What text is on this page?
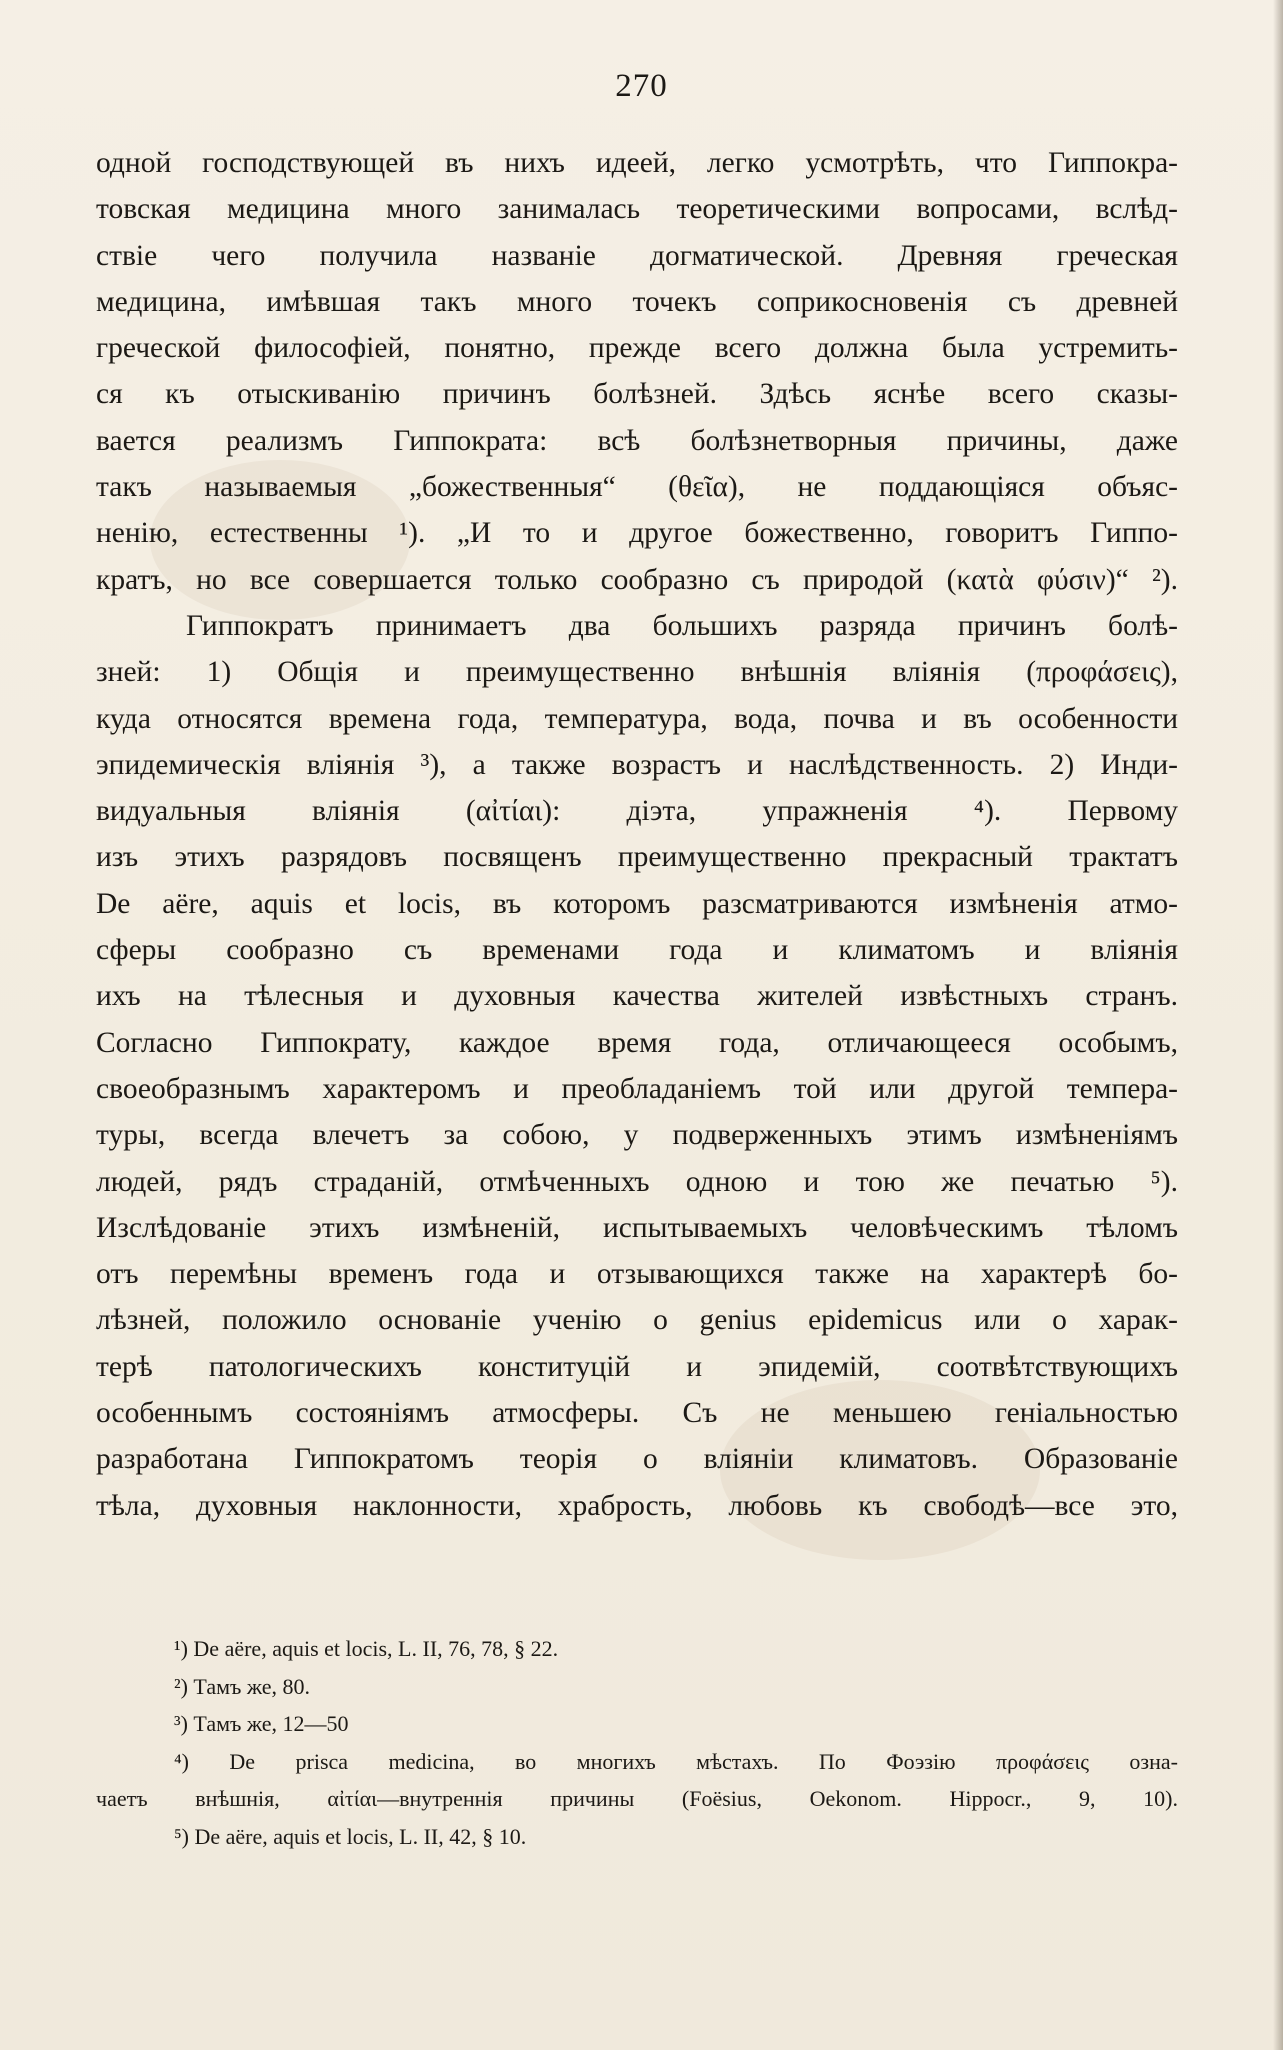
270
одной господствующей въ нихъ идеей, легко усмотрѣть, что Гиппокра-
товская медицина много занималась теоретическими вопросами, вслѣд-
ствіе чего получила названіе догматической. Древняя греческая
медицина, имѣвшая такъ много точекъ соприкосновенія съ древней
греческой философіей, понятно, прежде всего должна была устремить-
ся къ отыскиванію причинъ болѣзней. Здѣсь яснѣе всего сказы-
вается реализмъ Гиппократа: всѣ болѣзнетворныя причины, даже
такъ называемыя „божественныя“ (θεῖα), не поддающіяся объяс-
ненію, естественны ¹). „И то и другое божественно, говоритъ Гиппо-
кратъ, но все совершается только сообразно съ природой (κατὰ φύσιν)“ ²).
Гиппократъ принимаетъ два большихъ разряда причинъ болѣ-
зней: 1) Общія и преимущественно внѣшнія вліянія (προφάσεις),
куда относятся времена года, температура, вода, почва и въ особенности
эпидемическія вліянія ³), а также возрастъ и наслѣдственность. 2) Инди-
видуальныя вліянія (αἰτίαι): діэта, упражненія ⁴). Первому
изъ этихъ разрядовъ посвященъ преимущественно прекрасный трактатъ
De aëre, aquis et locis, въ которомъ разсматриваются измѣненія атмо-
сферы сообразно съ временами года и климатомъ и вліянія
ихъ на тѣлесныя и духовныя качества жителей извѣстныхъ странъ.
Согласно Гиппократу, каждое время года, отличающееся особымъ,
своеобразнымъ характеромъ и преобладаніемъ той или другой темпера-
туры, всегда влечетъ за собою, у подверженныхъ этимъ измѣненіямъ
людей, рядъ страданій, отмѣченныхъ одною и тою же печатью ⁵).
Изслѣдованіе этихъ измѣненій, испытываемыхъ человѣческимъ тѣломъ
отъ перемѣны временъ года и отзывающихся также на характерѣ бо-
лѣзней, положило основаніе ученію о genius epidemicus или о харак-
терѣ патологическихъ конституцій и эпидемій, соотвѣтствующихъ
особеннымъ состояніямъ атмосферы. Съ не меньшею геніальностью
разработана Гиппократомъ теорія о вліяніи климатовъ. Образованіе
тѣла, духовныя наклонности, храбрость, любовь къ свободѣ—все это,
¹) De aëre, aquis et locis, L. II, 76, 78, § 22.
²) Тамъ же, 80.
³) Тамъ же, 12—50
⁴) De prisca medicina, во многихъ мѣстахъ. По Фоэзію προφάσεις озна-
чаетъ внѣшнія, αἰτίαι—внутреннія причины (Foësius, Oekonom. Hippocr., 9, 10).
⁵) De aëre, aquis et locis, L. II, 42, § 10.
